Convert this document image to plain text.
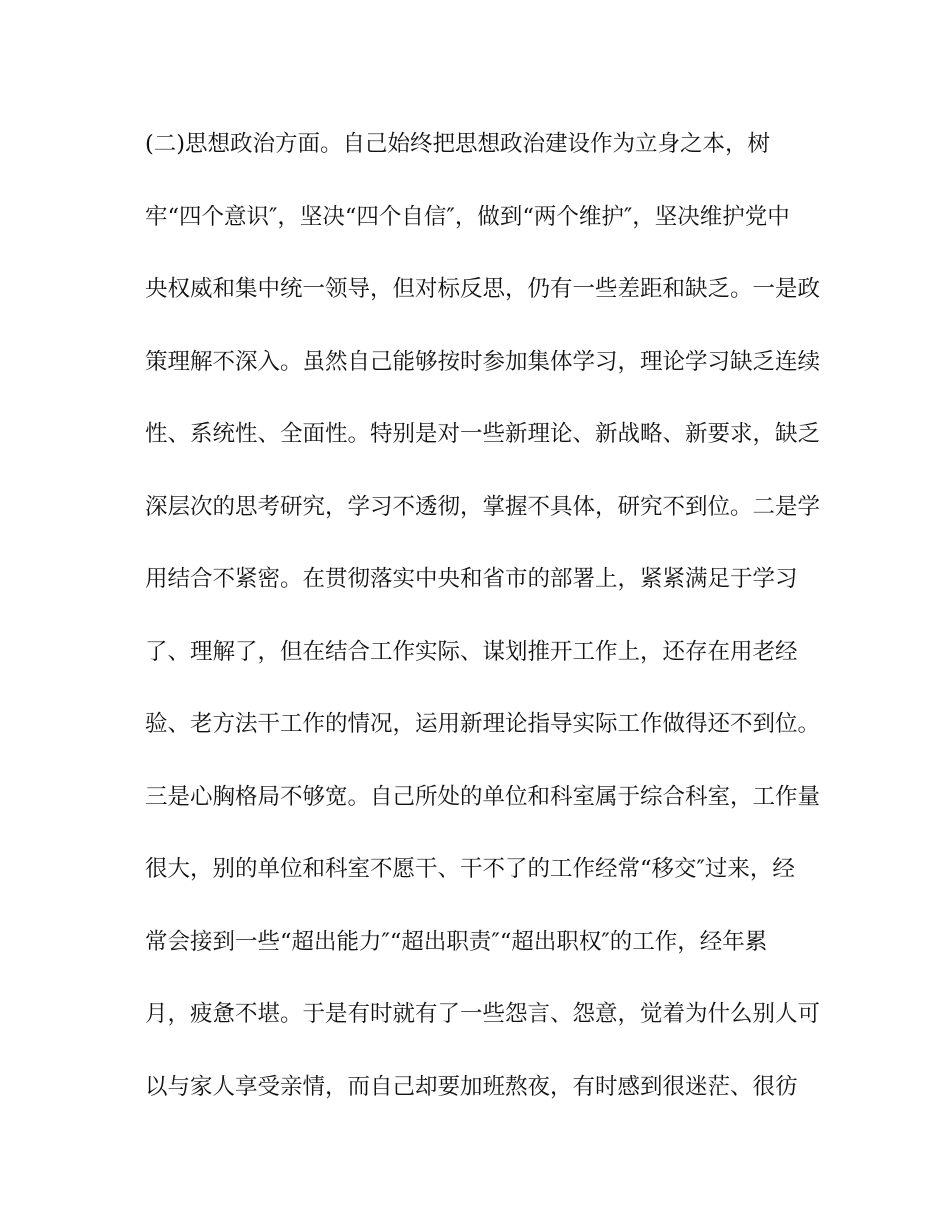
(二)思想政治方面。自己始终把思想政治建设作为立身之本，树
牢“四个意识″，坚决“四个自信″，做到“两个维护″，坚决维护党中
央权威和集中统一领导，但对标反思，仍有一些差距和缺乏。一是政
策理解不深入。虽然自己能够按时参加集体学习，理论学习缺乏连续
性、系统性、全面性。特别是对一些新理论、新战略、新要求，缺乏
深层次的思考研究，学习不透彻，掌握不具体，研究不到位。二是学
用结合不紧密。在贯彻落实中央和省市的部署上，紧紧满足于学习
了、理解了，但在结合工作实际、谋划推开工作上，还存在用老经
验、老方法干工作的情况，运用新理论指导实际工作做得还不到位。
三是心胸格局不够宽。自己所处的单位和科室属于综合科室，工作量
很大，别的单位和科室不愿干、干不了的工作经常“移交″过来，经
常会接到一些“超出能力″“超出职责″“超出职权″的工作，经年累
月，疲惫不堪。于是有时就有了一些怨言、怨意，觉着为什么别人可
以与家人享受亲情，而自己却要加班熬夜，有时感到很迷茫、很彷
